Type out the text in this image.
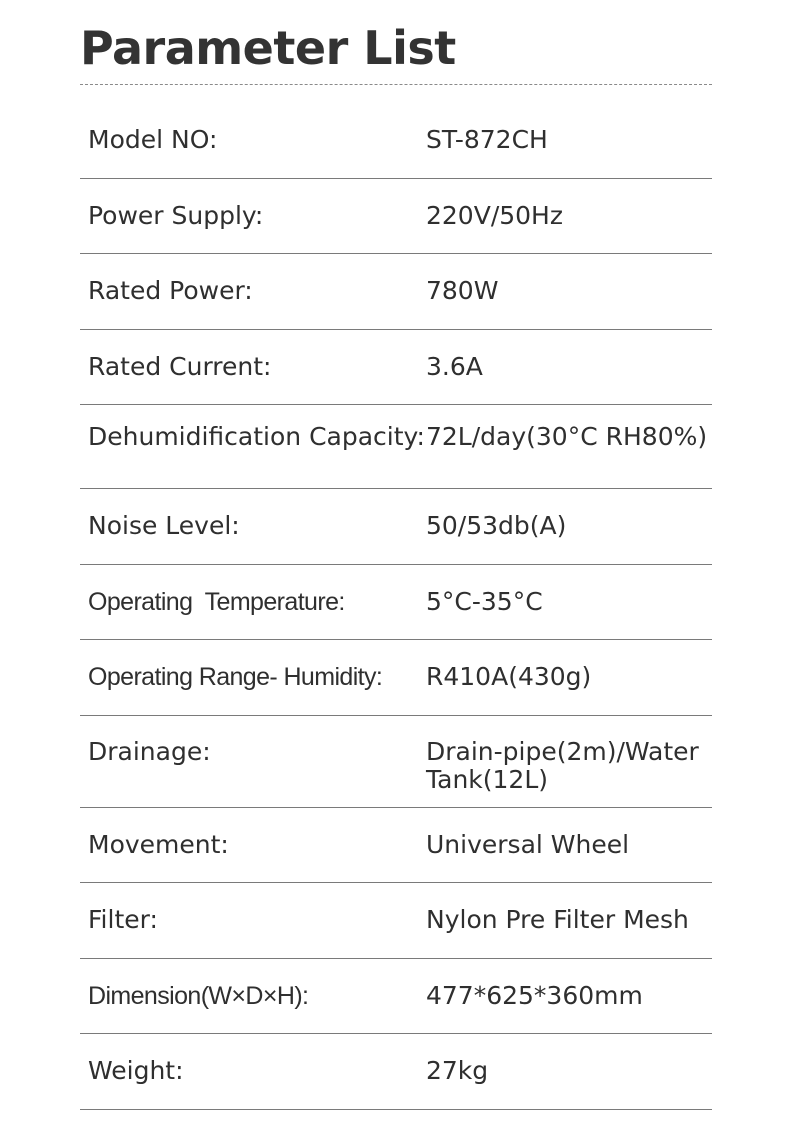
Parameter List
Model NO:	ST-872CH
Power Supply:	220V/50Hz
Rated Power:	780W
Rated Current:	3.6A
Dehumidification Capacity: 72L/day(30°C RH80%)
Noise Level:	50/53db(A)
Operating  Temperature:	5°C-35°C
Operating Range- Humidity:	R410A(430g)
Drainage:	Drain-pipe(2m)/Water Tank(12L)
Movement:	Universal Wheel
Filter:	Nylon Pre Filter Mesh
Dimension(W×D×H):	477*625*360mm
Weight:	27kg
